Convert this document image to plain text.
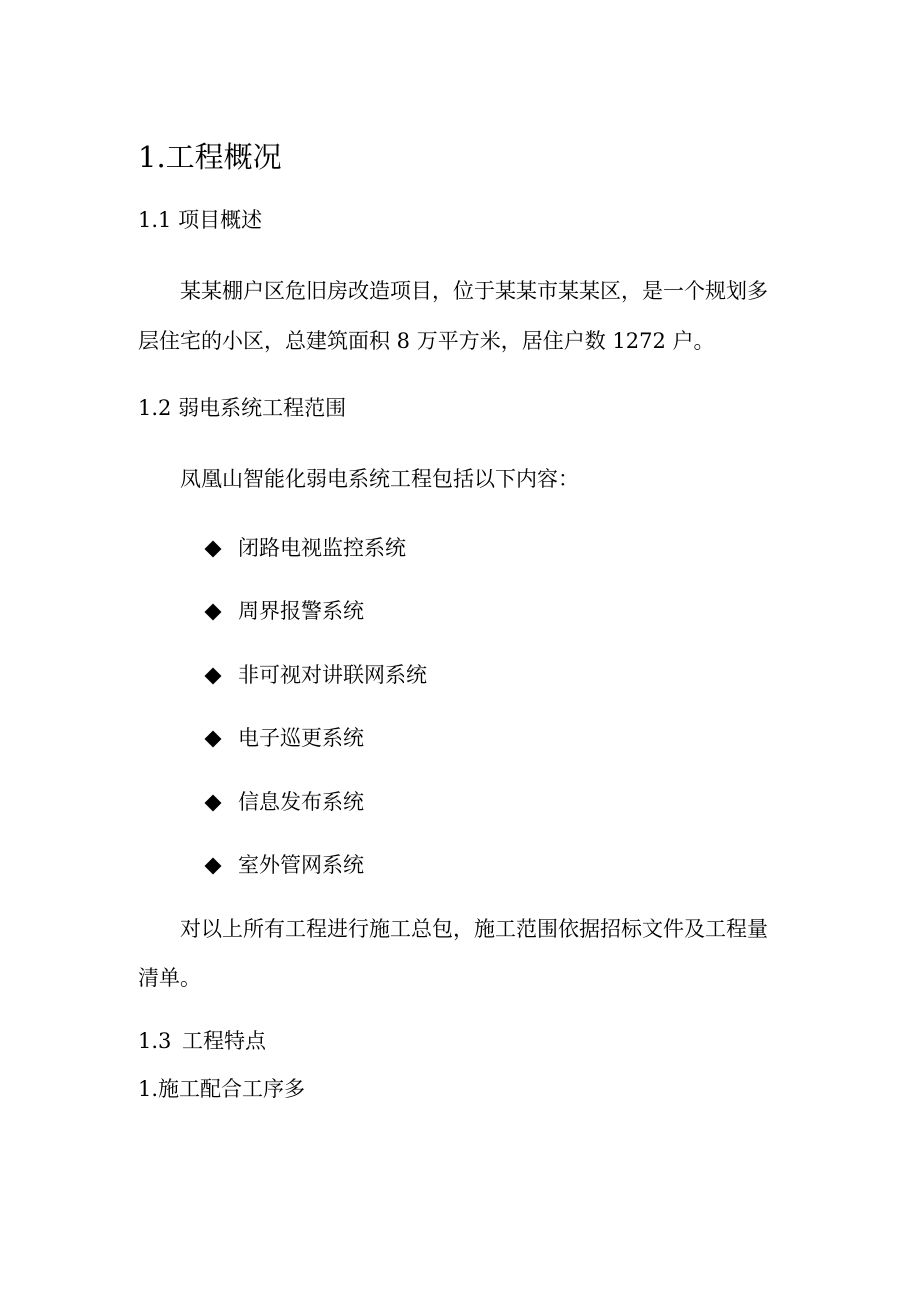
1.工程概况
1.1 项目概述
某某棚户区危旧房改造项目，位于某某市某某区，是一个规划多
层住宅的小区，总建筑面积 8 万平方米，居住户数 1272 户。
1.2 弱电系统工程范围
凤凰山智能化弱电系统工程包括以下内容：
闭路电视监控系统
周界报警系统
非可视对讲联网系统
电子巡更系统
信息发布系统
室外管网系统
对以上所有工程进行施工总包，施工范围依据招标文件及工程量
清单。
1.3 工程特点
1.施工配合工序多
